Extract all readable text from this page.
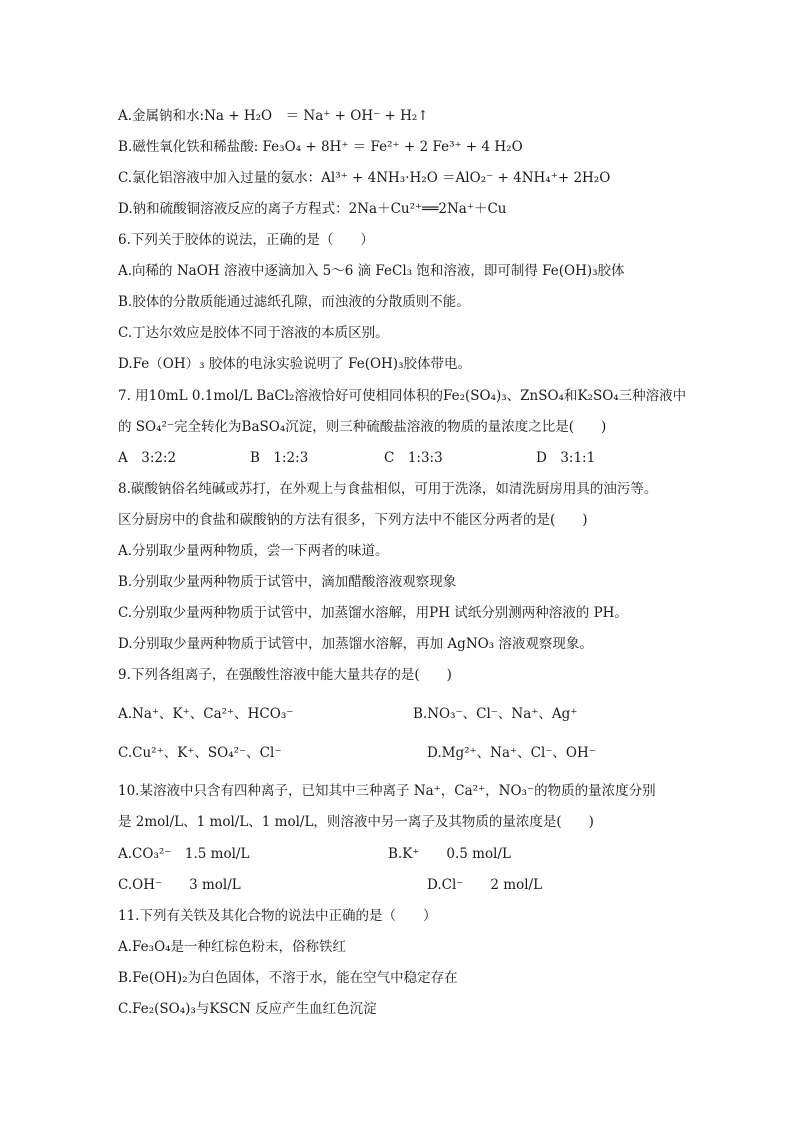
A.金属钠和水:Na + H₂O　＝ Na⁺ + OH⁻ + H₂↑
B.磁性氧化铁和稀盐酸: Fe₃O₄ + 8H⁺ ＝ Fe²⁺ + 2 Fe³⁺ + 4 H₂O
C.氯化铝溶液中加入过量的氨水：Al³⁺ + 4NH₃·H₂O ＝AlO₂⁻ + 4NH₄⁺+ 2H₂O
D.钠和硫酸铜溶液反应的离子方程式：2Na＋Cu²⁺══2Na⁺＋Cu
6.下列关于胶体的说法，正确的是（　　）
A.向稀的 NaOH 溶液中逐滴加入 5～6 滴 FeCl₃ 饱和溶液，即可制得 Fe(OH)₃胶体
B.胶体的分散质能通过滤纸孔隙，而浊液的分散质则不能。
C.丁达尔效应是胶体不同于溶液的本质区别。
D.Fe（OH）₃ 胶体的电泳实验说明了 Fe(OH)₃胶体带电。
7. 用10mL 0.1mol/L BaCl₂溶液恰好可使相同体积的Fe₂(SO₄)₃、ZnSO₄和K₂SO₄三种溶液中
的 SO₄²⁻完全转化为BaSO₄沉淀，则三种硫酸盐溶液的物质的量浓度之比是(　　)
A　3:2:2	B　1:2:3	C　1:3:3	D　3:1:1
8.碳酸钠俗名纯碱或苏打，在外观上与食盐相似，可用于洗涤，如清洗厨房用具的油污等。
区分厨房中的食盐和碳酸钠的方法有很多，下列方法中不能区分两者的是(　　)
A.分别取少量两种物质，尝一下两者的味道。
B.分别取少量两种物质于试管中，滴加醋酸溶液观察现象
C.分别取少量两种物质于试管中，加蒸馏水溶解，用PH 试纸分别测两种溶液的 PH。
D.分别取少量两种物质于试管中，加蒸馏水溶解，再加 AgNO₃ 溶液观察现象。
9.下列各组离子，在强酸性溶液中能大量共存的是(　　)
A.Na⁺、K⁺、Ca²⁺、HCO₃⁻	B.NO₃⁻、Cl⁻、Na⁺、Ag⁺
C.Cu²⁺、K⁺、SO₄²⁻、Cl⁻	D.Mg²⁺、Na⁺、Cl⁻、OH⁻
10.某溶液中只含有四种离子，已知其中三种离子 Na⁺，Ca²⁺，NO₃⁻的物质的量浓度分别
是 2mol/L、1 mol/L、1 mol/L，则溶液中另一离子及其物质的量浓度是(　　)
A.CO₃²⁻　1.5 mol/L	B.K⁺　　0.5 mol/L
C.OH⁻　　3 mol/L	D.Cl⁻　　2 mol/L
11.下列有关铁及其化合物的说法中正确的是（　　）
A.Fe₃O₄是一种红棕色粉末，俗称铁红
B.Fe(OH)₂为白色固体，不溶于水，能在空气中稳定存在
C.Fe₂(SO₄)₃与KSCN 反应产生血红色沉淀
